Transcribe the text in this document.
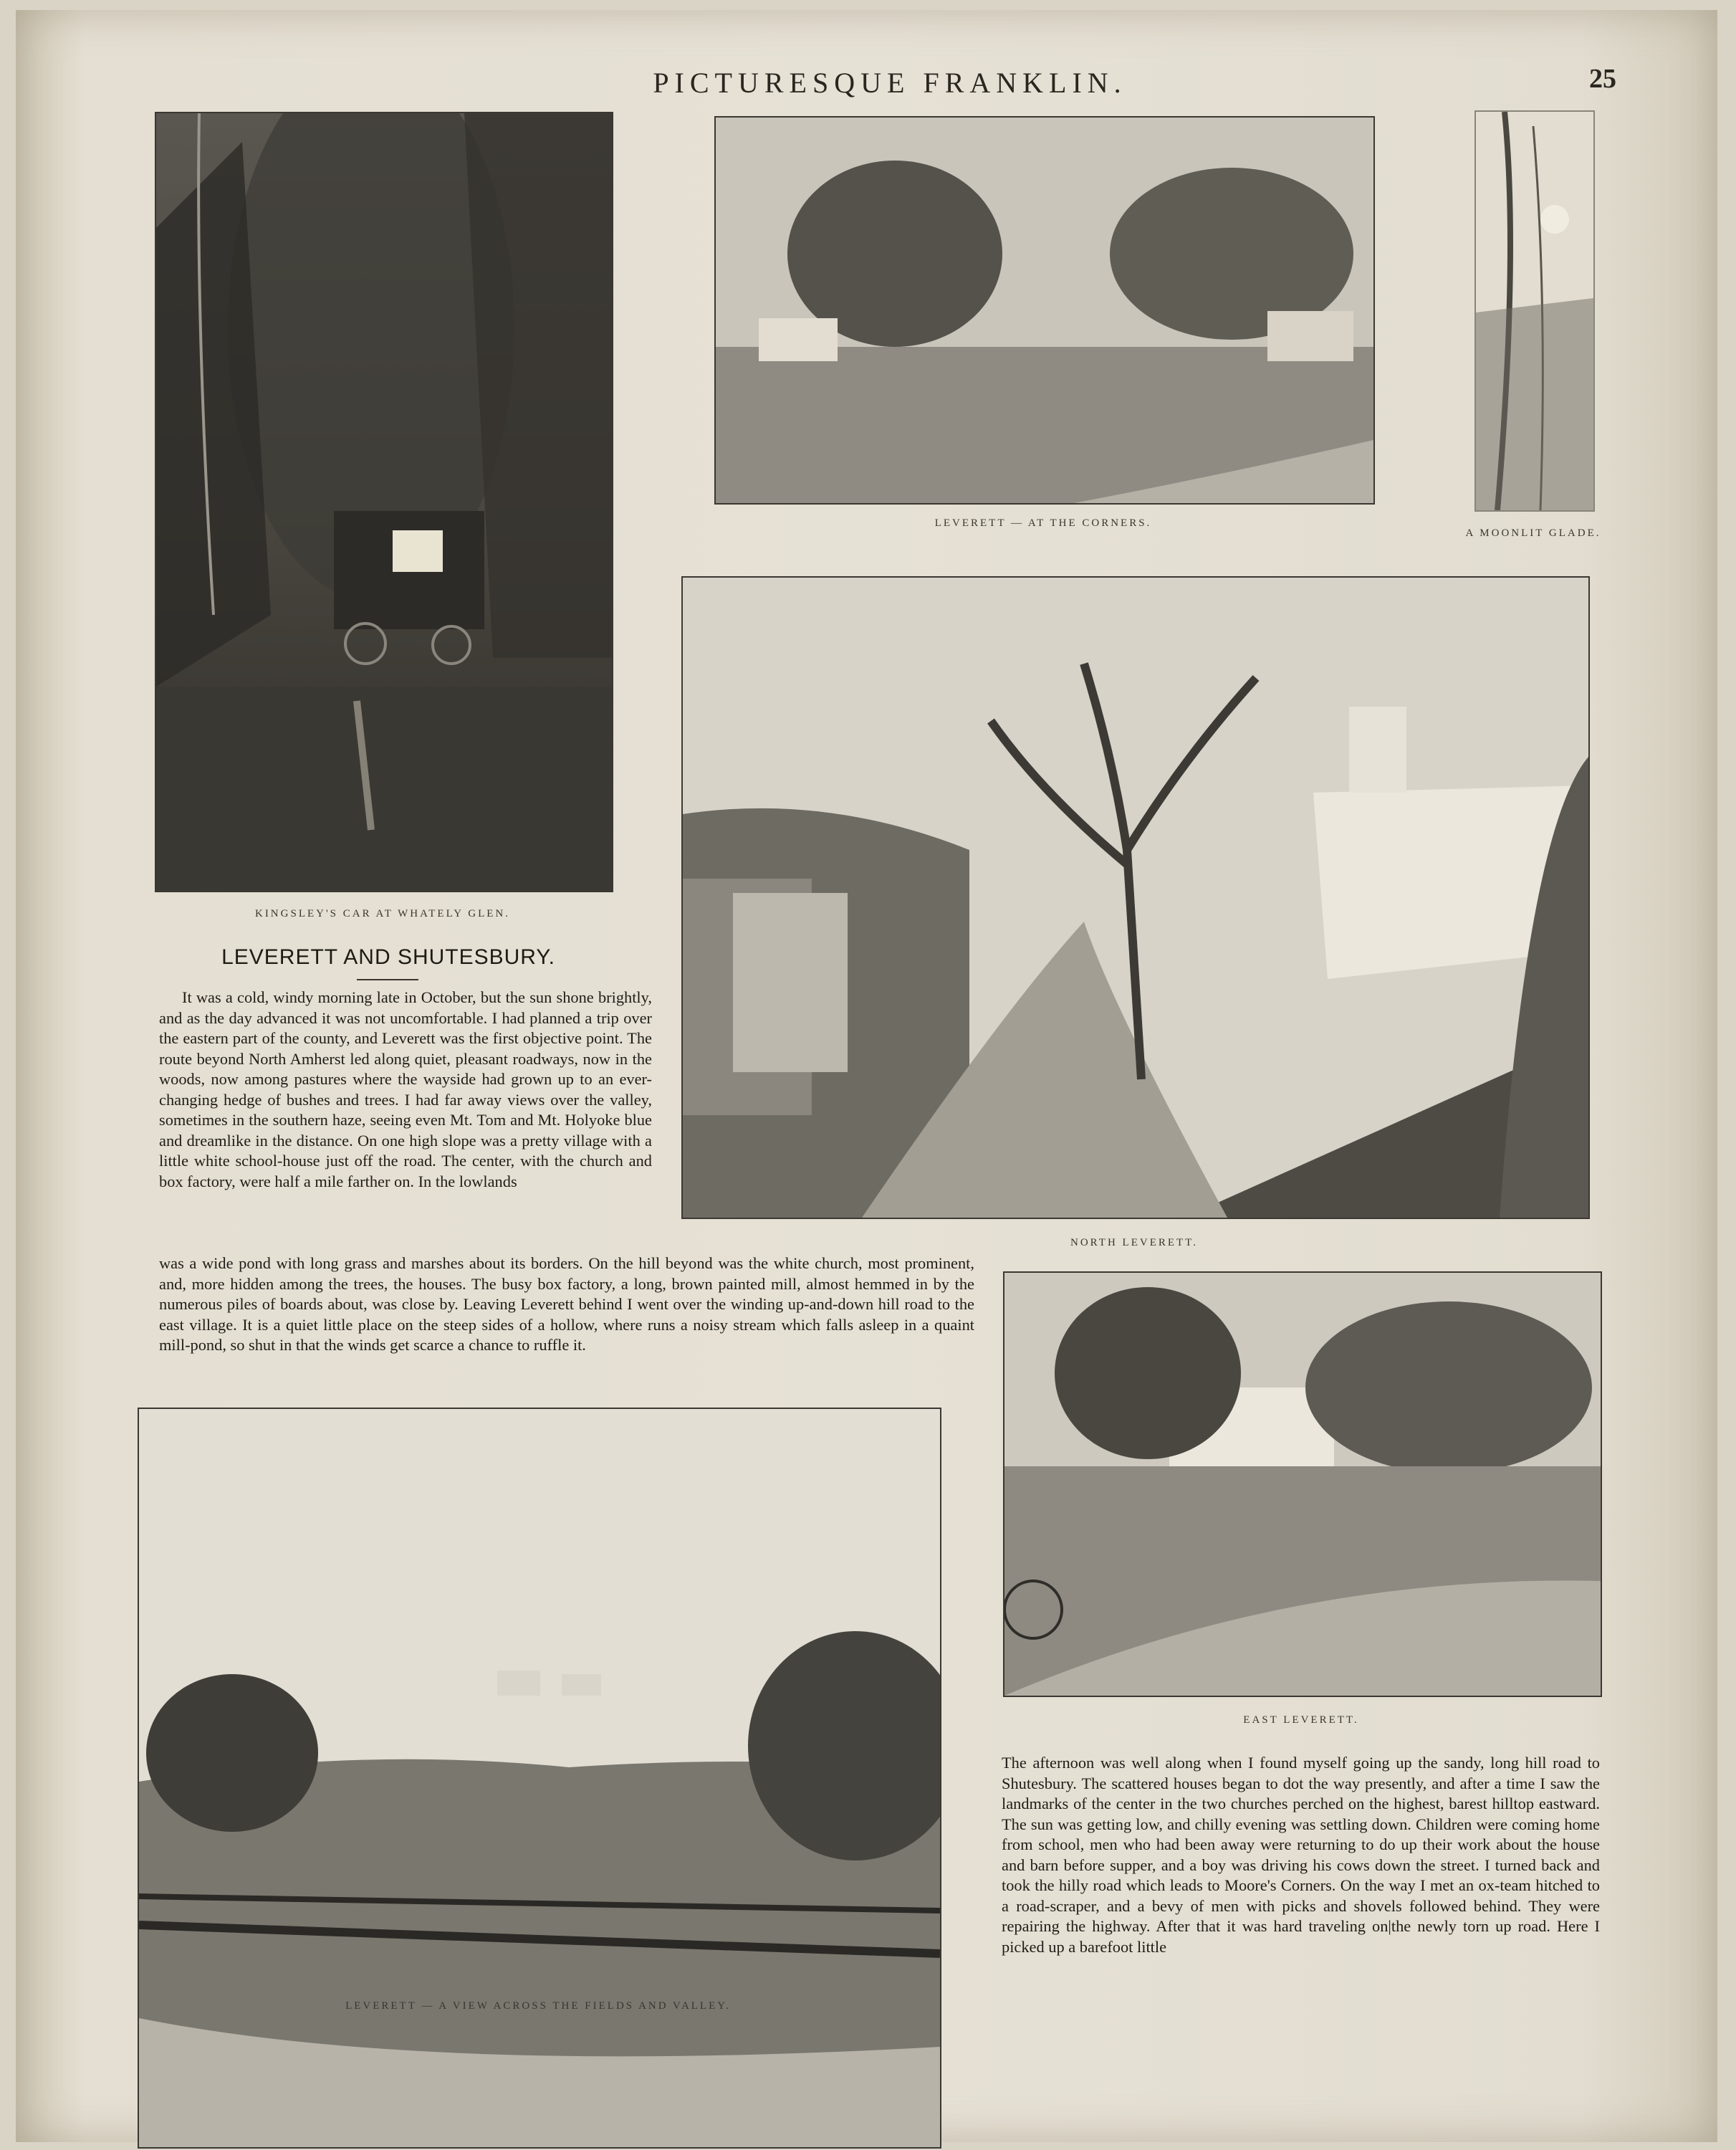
PICTURESQUE FRANKLIN.	25
KINGSLEY'S CAR AT WHATELY GLEN.
LEVERETT — AT THE CORNERS.
A MOONLIT GLADE.
NORTH LEVERETT.
LEVERETT AND SHUTESBURY.

It was a cold, windy morning late in October, but the sun shone brightly, and as the day advanced it was not uncomfortable. I had planned a trip over the eastern part of the county, and Leverett was the first objective point. The route beyond North Amherst led along quiet, pleasant roadways, now in the woods, now among pastures where the wayside had grown up to an ever-changing hedge of bushes and trees. I had far away views over the valley, sometimes in the southern haze, seeing even Mt. Tom and Mt. Holyoke blue and dreamlike in the distance. On one high slope was a pretty village with a little white school-house just off the road. The center, with the church and box factory, were half a mile farther on. In the lowlands

was a wide pond with long grass and marshes about its borders. On the hill beyond was the white church, most prominent, and, more hidden among the trees, the houses. The busy box factory, a long, brown painted mill, almost hemmed in by the numerous piles of boards about, was close by. Leaving Leverett behind I went over the winding up-and-down hill road to the east village. It is a quiet little place on the steep sides of a hollow, where runs a noisy stream which falls asleep in a quaint mill-pond, so shut in that the winds get scarce a chance to ruffle it.

EAST LEVERETT.
LEVERETT — A VIEW ACROSS THE FIELDS AND VALLEY.

The afternoon was well along when I found myself going up the sandy, long hill road to Shutesbury. The scattered houses began to dot the way presently, and after a time I saw the landmarks of the center in the two churches perched on the highest, barest hilltop eastward. The sun was getting low, and chilly evening was settling down. Children were coming home from school, men who had been away were returning to do up their work about the house and barn before supper, and a boy was driving his cows down the street. I turned back and took the hilly road which leads to Moore's Corners. On the way I met an ox-team hitched to a road-scraper, and a bevy of men with picks and shovels followed behind. They were repairing the highway. After that it was hard traveling on|the newly torn up road. Here I picked up a barefoot little
